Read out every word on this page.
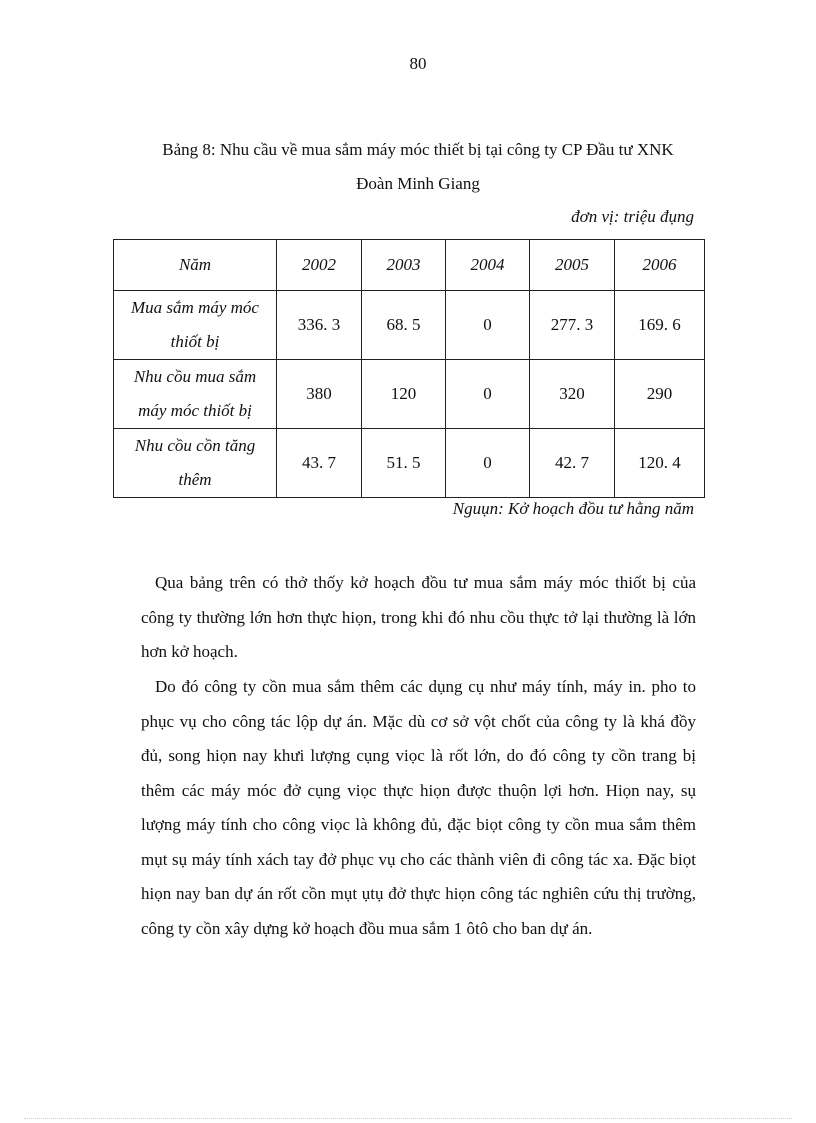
80
Bảng 8: Nhu cầu về mua sắm máy móc thiết bị tại công ty CP Đầu tư XNK
Đoàn Minh Giang
đơn vị: triệu đụng
Năm	2002	2003	2004	2005	2006
Mua sắm máy móc
thiốt bị	336. 3	68. 5	0	277. 3	169. 6
Nhu cồu mua sắm
máy móc thiốt bị	380	120	0	320	290
Nhu cồu cồn tăng
thêm	43. 7	51. 5	0	42. 7	120. 4
Nguụn: Kở hoạch đồu tư hằng năm
Qua bảng trên có thở thốy kở hoạch đồu tư mua sắm máy móc thiốt bị của công ty thường lớn hơn thực hiọn, trong khi đó nhu cồu thực tở lại thường là lớn hơn kở hoạch.
Do đó công ty cồn mua sắm thêm các dụng cụ như máy tính, máy in. pho to phục vụ cho công tác lộp dự án. Mặc dù cơ sở vột chốt của công ty là khá đồy đủ, song hiọn nay khưi lượng cụng viọc là rốt lớn, do đó công ty cồn trang bị thêm các máy móc đở cụng viọc thực hiọn được thuộn lợi hơn. Hiọn nay, sụ lượng máy tính cho công viọc là không đủ, đặc biọt công ty cồn mua sắm thêm mụt sụ máy tính xách tay đở phục vụ cho các thành viên đi công tác xa. Đặc biọt hiọn nay ban dự án rốt cồn mụt ụtụ đở thực hiọn công tác nghiên cứu thị trường, công ty cồn xây dựng kở hoạch đồu mua sắm 1 ôtô cho ban dự án.
